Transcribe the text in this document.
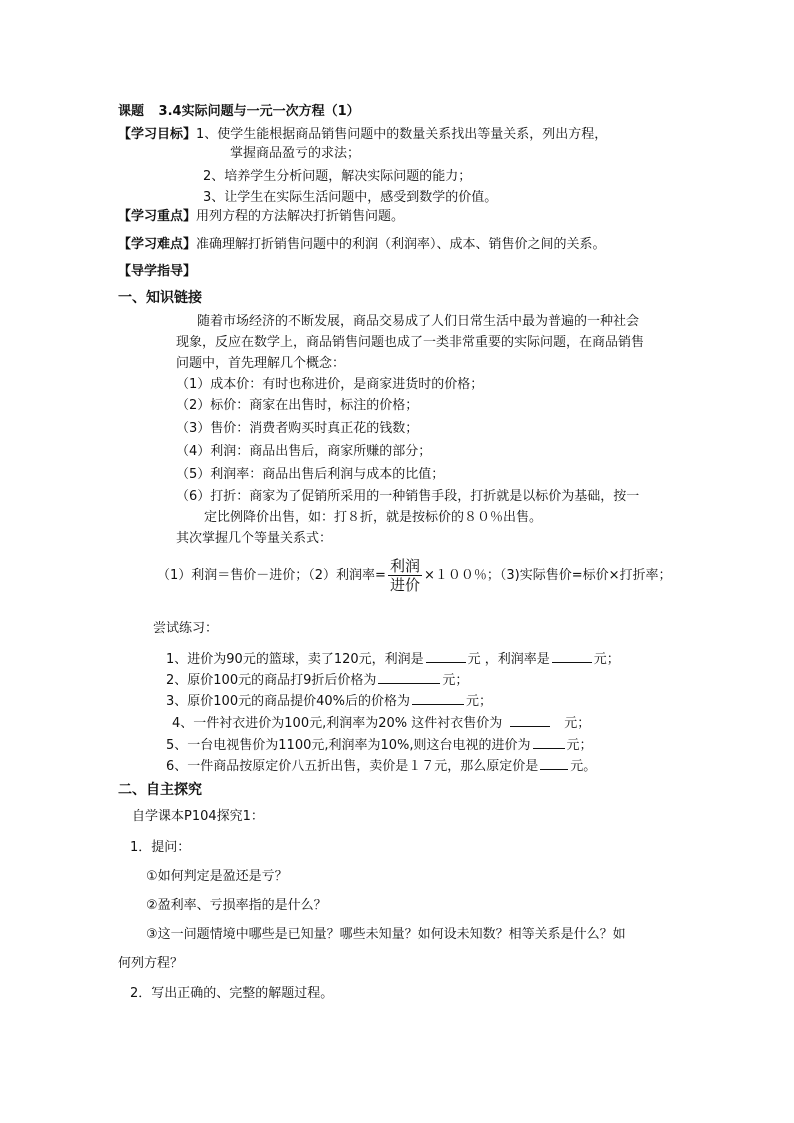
课题 3.4实际问题与一元一次方程（1）
【学习目标】1、使学生能根据商品销售问题中的数量关系找出等量关系，列出方程，
掌握商品盈亏的求法；
2、培养学生分析问题，解决实际问题的能力；
3、让学生在实际生活问题中，感受到数学的价值。
【学习重点】用列方程的方法解决打折销售问题。
【学习难点】准确理解打折销售问题中的利润（利润率）、成本、销售价之间的关系。
【导学指导】
一、知识链接
随着市场经济的不断发展，商品交易成了人们日常生活中最为普遍的一种社会
现象，反应在数学上，商品销售问题也成了一类非常重要的实际问题，在商品销售
问题中，首先理解几个概念：
（1）成本价：有时也称进价，是商家进货时的价格；
（2）标价：商家在出售时，标注的价格；
（3）售价：消费者购买时真正花的钱数；
（4）利润：商品出售后，商家所赚的部分；
（5）利润率：商品出售后利润与成本的比值；
（6）打折：商家为了促销所采用的一种销售手段，打折就是以标价为基础，按一
定比例降价出售，如：打８折，就是按标价的８０％出售。
其次掌握几个等量关系式：
（1）利润＝售价－进价；（2）利润率= $\frac{\text{利润}}{\text{进价}} \times 100$％；（3)实际售价=标价×打折率；
尝试练习：
1、进价为90元的篮球，卖了120元，利润是	元 ，利润率是	元；
2、原价100元的商品打9折后价格为	元；
3、原价100元的商品提价40%后的价格为	元；
4、一件衬衣进价为100元,利润率为20% 这件衬衣售价为	元；
5、一台电视售价为1100元,利润率为10%,则这台电视的进价为	元；
6、一件商品按原定价八五折出售，卖价是１７元，那么原定价是 元。
二、自主探究
自学课本P104探究1：
1．提问：
①如何判定是盈还是亏？
②盈利率、亏损率指的是什么？
③这一问题情境中哪些是已知量？哪些未知量？如何设未知数？相等关系是什么？如
何列方程？
2．写出正确的、完整的解题过程。
